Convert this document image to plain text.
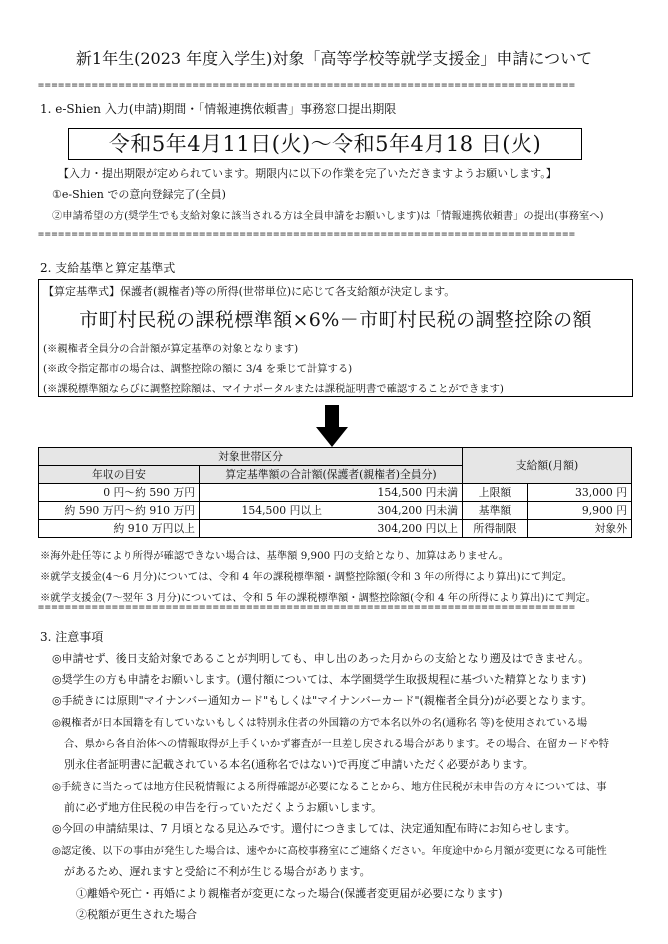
新1年生(2023 年度入学生)対象「高等学校等就学支援金」申請について
================================================================================
1. e-Shien 入力(申請)期間・「情報連携依頼書」事務窓口提出期限
令和5年4月11日(火)～令和5年4月18 日(火)
【入力・提出期限が定められています。期限内に以下の作業を完了いただきますようお願いします。】
①e-Shien での意向登録完了(全員)
②申請希望の方(奨学生でも支給対象に該当される方は全員申請をお願いします)は「情報連携依頼書」の提出(事務室へ)
================================================================================
2. 支給基準と算定基準式
【算定基準式】保護者(親権者)等の所得(世帯単位)に応じて各支給額が決定します。
市町村民税の課税標準額×6%－市町村民税の調整控除の額
(※親権者全員分の合計額が算定基準の対象となります)
(※政令指定都市の場合は、調整控除の額に 3/4 を乗じて計算する)
(※課税標準額ならびに調整控除額は、マイナポータルまたは課税証明書で確認することができます)
対象世帯区分			支給額(月額)	
年収の目安	算定基準額の合計額(保護者(親権者)全員分)			
0 円～約 590 万円		154,500 円未満	上限額	33,000 円
約 590 万円～約 910 万円	154,500 円以上	304,200 円未満	基準額	9,900 円
約 910 万円以上		304,200 円以上	所得制限	対象外
※海外赴任等により所得が確認できない場合は、基準額 9,900 円の支給となり、加算はありません。
※就学支援金(4～6 月分)については、令和 4 年の課税標準額・調整控除額(令和 3 年の所得により算出)にて判定。
※就学支援金(7～翌年 3 月分)については、令和 5 年の課税標準額・調整控除額(令和 4 年の所得により算出)にて判定。
================================================================================
3. 注意事項
◎申請せず、後日支給対象であることが判明しても、申し出のあった月からの支給となり遡及はできません。
◎奨学生の方も申請をお願いします。(還付額については、本学園奨学生取扱規程に基づいた精算となります)
◎手続きには原則"マイナンバー通知カード"もしくは"マイナンバーカード"(親権者全員分)が必要となります。
◎親権者が日本国籍を有していないもしくは特別永住者の外国籍の方で本名以外の名(通称名 等)を使用されている場
合、県から各自治体への情報取得が上手くいかず審査が一旦差し戻される場合があります。その場合、在留カードや特
別永住者証明書に記載されている本名(通称名ではない)で再度ご申請いただく必要があります。
◎手続きに当たっては地方住民税情報による所得確認が必要になることから、地方住民税が未申告の方々については、事
前に必ず地方住民税の申告を行っていただくようお願いします。
◎今回の申請結果は、7 月頃となる見込みです。還付につきましては、決定通知配布時にお知らせします。
◎認定後、以下の事由が発生した場合は、速やかに高校事務室にご連絡ください。年度途中から月額が変更になる可能性
があるため、遅れますと受給に不利が生じる場合があります。
①離婚や死亡・再婚により親権者が変更になった場合(保護者変更届が必要になります)
②税額が更生された場合
